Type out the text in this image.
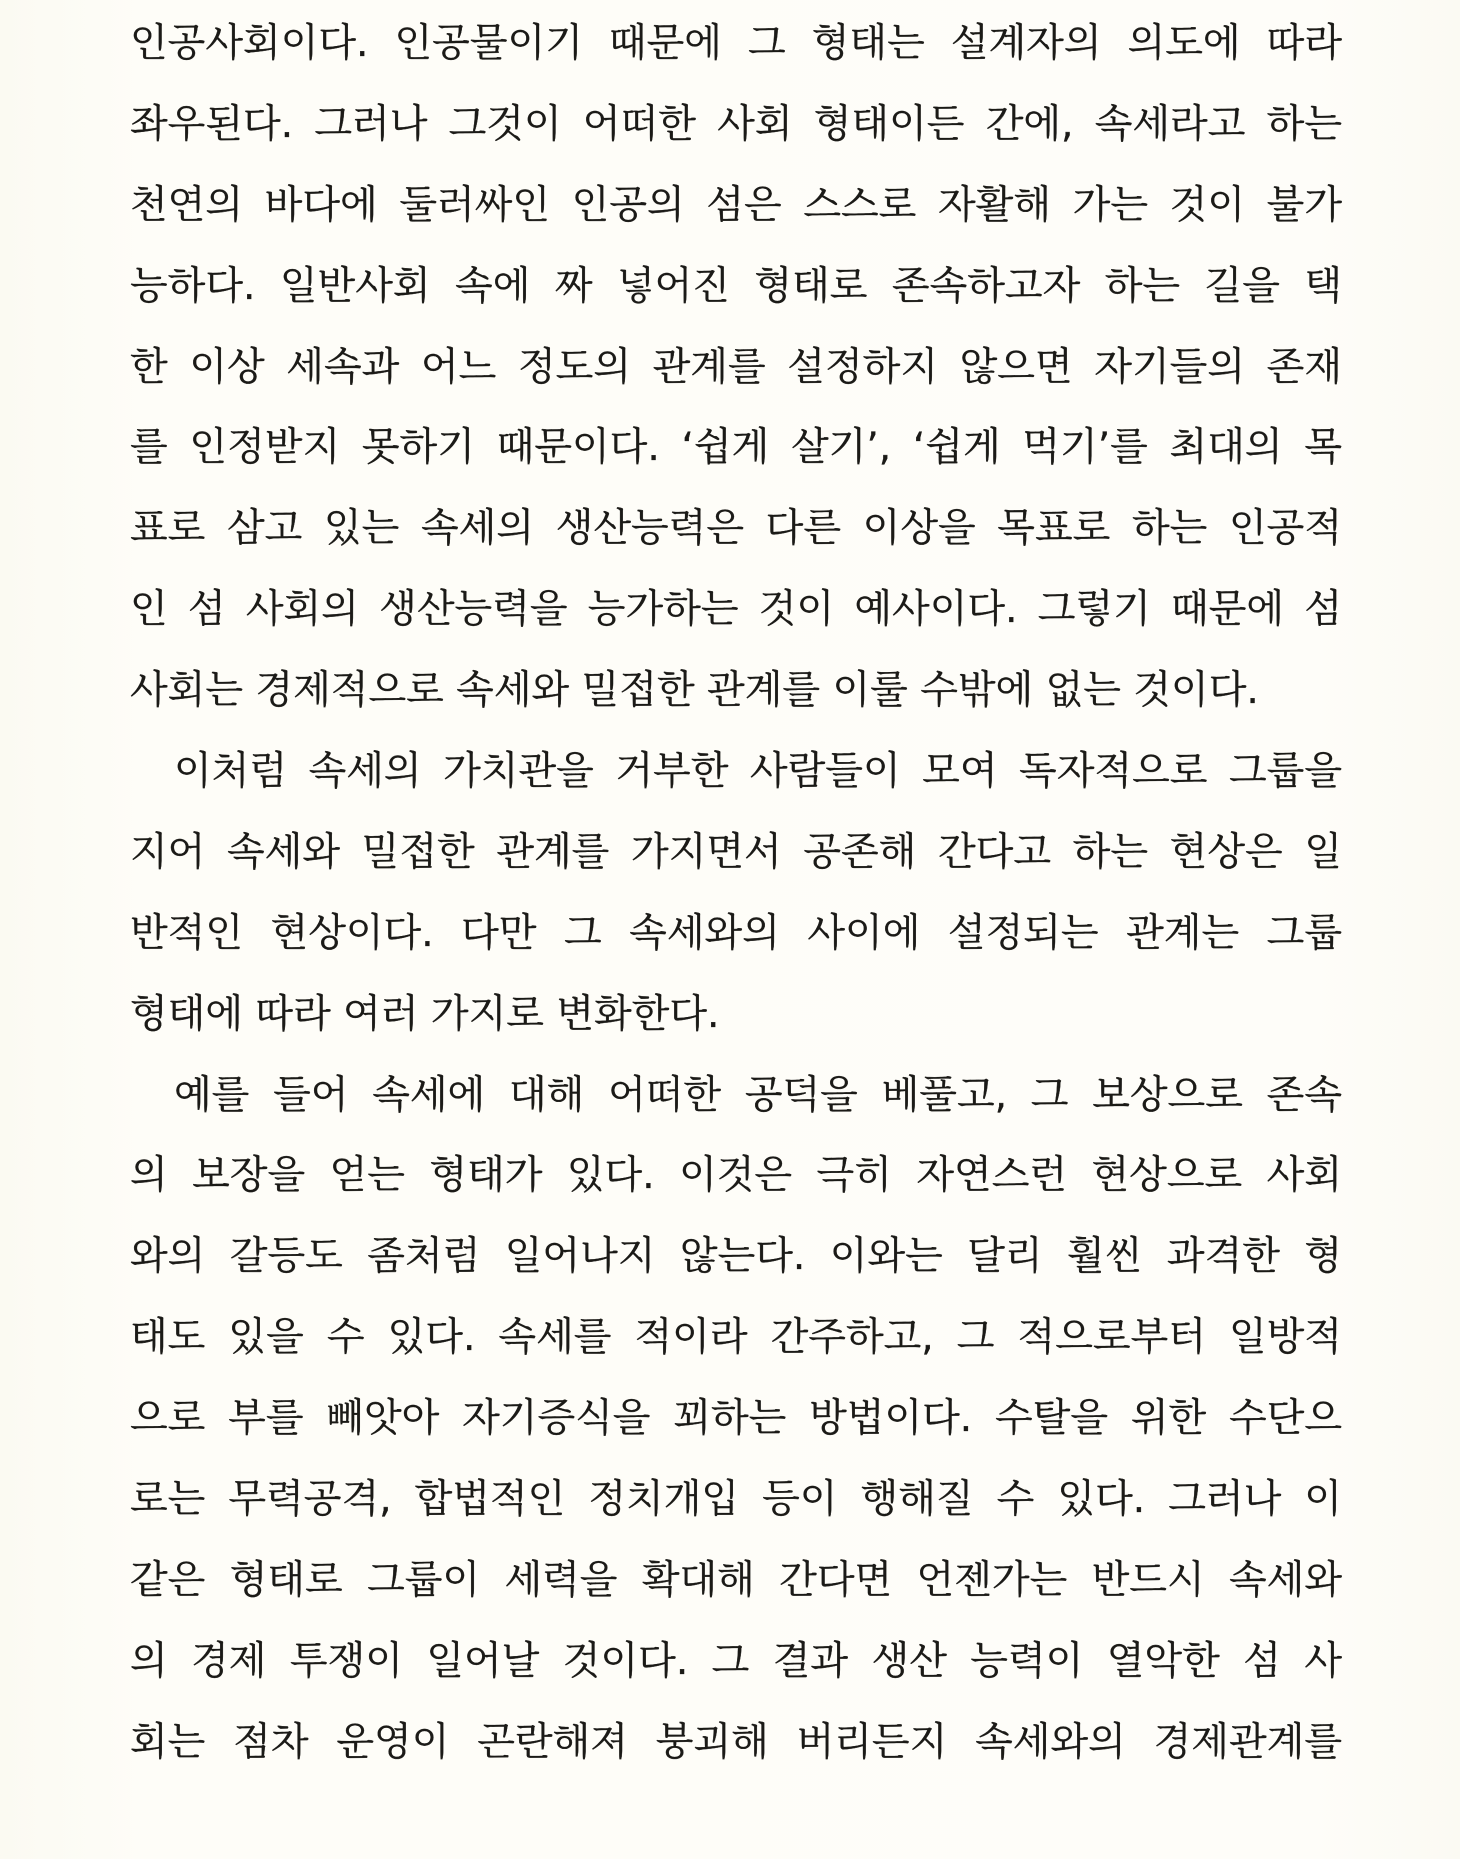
인공사회이다. 인공물이기 때문에 그 형태는 설계자의 의도에 따라
좌우된다. 그러나 그것이 어떠한 사회 형태이든 간에, 속세라고 하는
천연의 바다에 둘러싸인 인공의 섬은 스스로 자활해 가는 것이 불가
능하다. 일반사회 속에 짜 넣어진 형태로 존속하고자 하는 길을 택
한 이상 세속과 어느 정도의 관계를 설정하지 않으면 자기들의 존재
를 인정받지 못하기 때문이다. ‘쉽게 살기’, ‘쉽게 먹기’를 최대의 목
표로 삼고 있는 속세의 생산능력은 다른 이상을 목표로 하는 인공적
인 섬 사회의 생산능력을 능가하는 것이 예사이다. 그렇기 때문에 섬
사회는 경제적으로 속세와 밀접한 관계를 이룰 수밖에 없는 것이다.
이처럼 속세의 가치관을 거부한 사람들이 모여 독자적으로 그룹을
지어 속세와 밀접한 관계를 가지면서 공존해 간다고 하는 현상은 일
반적인 현상이다. 다만 그 속세와의 사이에 설정되는 관계는 그룹
형태에 따라 여러 가지로 변화한다.
예를 들어 속세에 대해 어떠한 공덕을 베풀고, 그 보상으로 존속
의 보장을 얻는 형태가 있다. 이것은 극히 자연스런 현상으로 사회
와의 갈등도 좀처럼 일어나지 않는다. 이와는 달리 훨씬 과격한 형
태도 있을 수 있다. 속세를 적이라 간주하고, 그 적으로부터 일방적
으로 부를 빼앗아 자기증식을 꾀하는 방법이다. 수탈을 위한 수단으
로는 무력공격, 합법적인 정치개입 등이 행해질 수 있다. 그러나 이
같은 형태로 그룹이 세력을 확대해 간다면 언젠가는 반드시 속세와
의 경제 투쟁이 일어날 것이다. 그 결과 생산 능력이 열악한 섬 사
회는 점차 운영이 곤란해져 붕괴해 버리든지 속세와의 경제관계를
